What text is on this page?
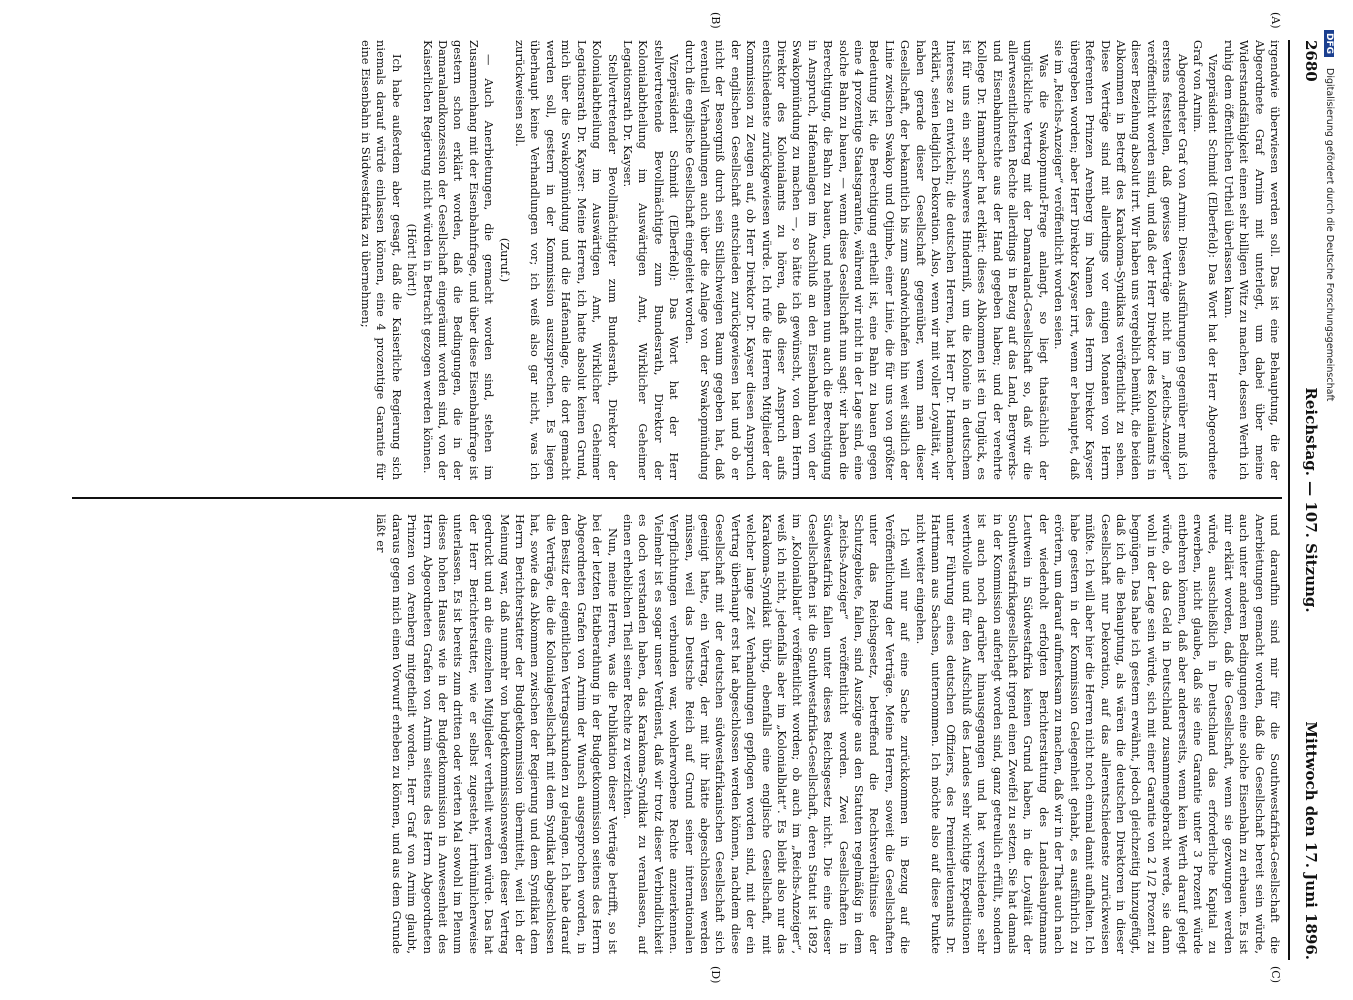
2680
Reichstag. — 107. Sitzung.
Mittwoch den 17. Juni 1896.
(A)
(B)
(C)
(D)

irgendwie überwiesen werden soll. Das ist eine Behauptung, die der Abgeordnete Graf Arnim mit unterlegt, um dabei über meine Widerstandsfähigkeit einen sehr billigen Witz zu machen, dessen Werth ich ruhig dem öffentlichen Urtheil überlassen kann.

Vizepräsident Schmidt (Elberfeld): Das Wort hat der Herr Abgeordnete Graf von Arnim.

Abgeordneter Graf von Arnim: Diesen Ausführungen gegenüber muß ich erstens feststellen, daß gewisse Verträge nicht im „Reichs-Anzeiger“ veröffentlicht worden sind, und daß der Herr Direktor des Kolonialamts in dieser Beziehung absolut irrt. Wir haben uns vergeblich bemüht, die beiden Abkommen in Betreff des Karakoma-Syndikats veröffentlicht zu sehen. Diese Verträge sind mit allerdings vor einigen Monaten von Herrn Referenten Prinzen Arenberg im Namen des Herrn Direktor Kayser übergeben worden; aber Herr Direktor Kayser irrt, wenn er behauptet, daß sie im „Reichs-Anzeiger“ veröffentlicht worden seien.

Was die Swakopmund-Frage anlangt, so liegt thatsächlich der unglückliche Vertrag mit der Damaraland-Gesellschaft so, daß wir die allerwesentlichsten Rechte allerdings in Bezug auf das Land, Bergwerks- und Eisenbahnrechte aus der Hand gegeben haben; und der verehrte Kollege Dr. Hammacher hat erklärt: dieses Abkommen ist ein Unglück, es ist für uns ein sehr schweres Hinderniß, um die Kolonie in deutschem Interesse zu entwickeln; die deutschen Herren, hat Herr Dr. Hammacher erklärt, seien lediglich Dekoration. Also, wenn wir mit voller Loyalität, wir haben gerade dieser Gesellschaft gegenüber, wenn man dieser Gesellschaft, der bekanntlich bis zum Sandwichhafen hin weit südlich der Linie zwischen Swakop und Otjimbe, einer Linie, die für uns von größter Bedeutung ist, die Berechtigung ertheilt ist, eine Bahn zu bauen gegen eine 4 prozentige Staatsgarantie, während wir nicht in der Lage sind, eine solche Bahn zu bauen, — wenn diese Gesellschaft nun sagt: wir haben die Berechtigung, die Bahn zu bauen, und nehmen nun auch die Berechtigung in Anspruch, Hafenanlagen im Anschluß an den Eisenbahnbau von der Swakopmündung zu machen —, so hätte ich gewünscht, von dem Herrn Direktor des Kolonialamts zu hören, daß dieser Anspruch aufs entschiedenste zurückgewiesen würde. Ich rufe die Herren Mitglieder der Kommission zu Zeugen auf, ob Herr Direktor Dr. Kayser diesen Anspruch der englischen Gesellschaft entschieden zurückgewiesen hat und ob er nicht der Besorgniß durch sein Stillschweigen Raum gegeben hat, daß eventuell Verhandlungen auch über die Anlage von der Swakopmündung durch die englische Gesellschaft eingeleitet worden.

Vizepräsident Schmidt (Elberfeld): Das Wort hat der Herr stellvertretende Bevollmächtigte zum Bundesrath, Direktor der Kolonialabtheilung im Auswärtigen Amt, Wirklicher Geheimer Legationsrath Dr. Kayser.

Stellvertretender Bevollmächtigter zum Bundesrath, Direktor der Kolonialabtheilung im Auswärtigen Amt, Wirklicher Geheimer Legationsrath Dr. Kayser: Meine Herren, ich hatte absolut keinen Grund, mich über die Swakopmündung und die Hafenanlage, die dort gemacht werden soll, gestern in der Kommission auszusprechen. Es liegen überhaupt keine Verhandlungen vor; ich weiß also gar nicht, was ich zurückweisen soll.

(Zuruf.)

— Auch Anerbietungen, die gemacht worden sind, stehen im Zusammenhang mit der Eisenbahnfrage, und über diese Eisenbahnfrage ist gestern schon erklärt worden, daß die Bedingungen, die in der Damaralandkonzession der Gesellschaft eingeräumt worden sind, von der Kaiserlichen Regierung nicht würden in Betracht gezogen werden können.

(Hört! hört!)

Ich habe außerdem aber gesagt, daß die Kaiserliche Regierung sich niemals darauf würde einlassen können, eine 4 prozentige Garantie für eine Eisenbahn in Südwestafrika zu übernehmen;

und daraufhin sind mir für die Southwestafrika-Gesellschaft die Anerbietungen gemacht worden, daß die Gesellschaft bereit sein würde, auch unter anderen Bedingungen eine solche Eisenbahn zu erbauen. Es ist mir erklärt worden, daß die Gesellschaft, wenn sie gezwungen werden würde, ausschließlich in Deutschland das erforderliche Kapital zu erwerben, nicht glaube, daß sie eine Garantie unter 3 Prozent würde entbehren können, daß aber andererseits, wenn kein Werth darauf gelegt würde, ob das Geld in Deutschland zusammengebracht werde, sie dann wohl in der Lage sein würde, sich mit einer Garantie von 2 1/2 Prozent zu begnügen. Das habe ich gestern erwähnt, jedoch gleichzeitig hinzugefügt, daß ich die Behauptung, als wären die deutschen Direktoren in dieser Gesellschaft nur Dekoration, auf das allerentschiedenste zurückweisen müßte. Ich will aber hier die Herren nicht noch einmal damit aufhalten. Ich habe gestern in der Kommission Gelegenheit gehabt, es ausführlich zu erörtern, um darauf aufmerksam zu machen, daß wir in der That auch nach der wiederholt erfolgten Berichterstattung des Landeshauptmanns Leutwein in Südwestafrika keinen Grund haben, in die Loyalität der Southwestafrikagesellschaft irgend einen Zweifel zu setzen. Sie hat damals in der Kommission auferlegt worden sind, ganz getreulich erfüllt, sondern ist auch noch darüber hinausgegangen und hat verschiedene sehr werthvolle und für den Aufschluß des Landes sehr wichtige Expeditionen unter Führung eines deutschen Offiziers, des Premierlieutenants Dr. Hartmann aus Sachsen, unternommen. Ich möchte also auf diese Punkte nicht weiter eingehen.

Ich will nur auf eine Sache zurückkommen in Bezug auf die Veröffentlichung der Verträge. Meine Herren, soweit die Gesellschaften unter das Reichsgesetz, betreffend die Rechtsverhältnisse der Schutzgebiete, fallen, sind Auszüge aus den Statuten regelmäßig in dem „Reichs-Anzeiger“ veröffentlicht worden. Zwei Gesellschaften in Südwestafrika fallen unter dieses Reichsgesetz nicht. Die eine dieser Gesellschaften ist die Southwestafrika-Gesellschaft, deren Statut ist 1892 im „Kolonialblatt“ veröffentlicht worden; ob auch im „Reichs-Anzeiger“, weiß ich nicht, jedenfalls aber im „Kolonialblatt“. Es bleibt also nur das Karakoma-Syndikat übrig, ebenfalls eine englische Gesellschaft, mit welcher lange Zeit Verhandlungen gepflogen worden sind, mit der ein Vertrag überhaupt erst hat abgeschlossen werden können, nachdem diese Gesellschaft mit der deutschen südwestafrikanischen Gesellschaft sich geeinigt hatte, ein Vertrag, der mit ihr hätte abgeschlossen werden müssen, weil das Deutsche Reich auf Grund seiner internationalen Verpflichtungen verbunden war, wohlerworbene Rechte anzuerkennen. Vielmehr ist es sogar unser Verdienst, daß wir trotz dieser Verbindlichkeit es doch verstanden haben, das Karakoma-Syndikat zu veranlassen, auf einen erheblichen Theil seiner Rechte zu verzichten.

Nun, meine Herren, was die Publikation dieser Verträge betrifft, so ist bei der letzten Etatberathung in der Budgetkommission seitens des Herrn Abgeordneten Grafen von Arnim der Wunsch ausgesprochen worden, in den Besitz der eigentlichen Vertragsurkunden zu gelangen. Ich habe darauf die Verträge, die die Kolonialgesellschaft mit dem Syndikat abgeschlossen hat, sowie das Abkommen zwischen der Regierung und dem Syndikat dem Herrn Berichterstatter der Budgetkommission übermittelt, weil ich der Meinung war, daß nunmehr von budgetkommissionswegen dieser Vertrag gedruckt und an die einzelnen Mitglieder vertheilt werden würde. Das hat der Herr Berichterstatter, wie er selbst zugesteht, irrthümlicherweise unterlassen. Es ist bereits zum dritten oder vierten Mal sowohl im Plenum dieses hohen Hauses wie in der Budgetkommission in Anwesenheit des Herrn Abgeordneten Grafen von Arnim seitens des Herrn Abgeordneten Prinzen von Arenberg mitgetheilt worden. Herr Graf von Arnim glaubt, daraus gegen mich einen Vorwurf erheben zu können, und aus dem Grunde läßt er

DFG Digitalisierung gefördert durch die Deutsche Forschungsgemeinschaft
